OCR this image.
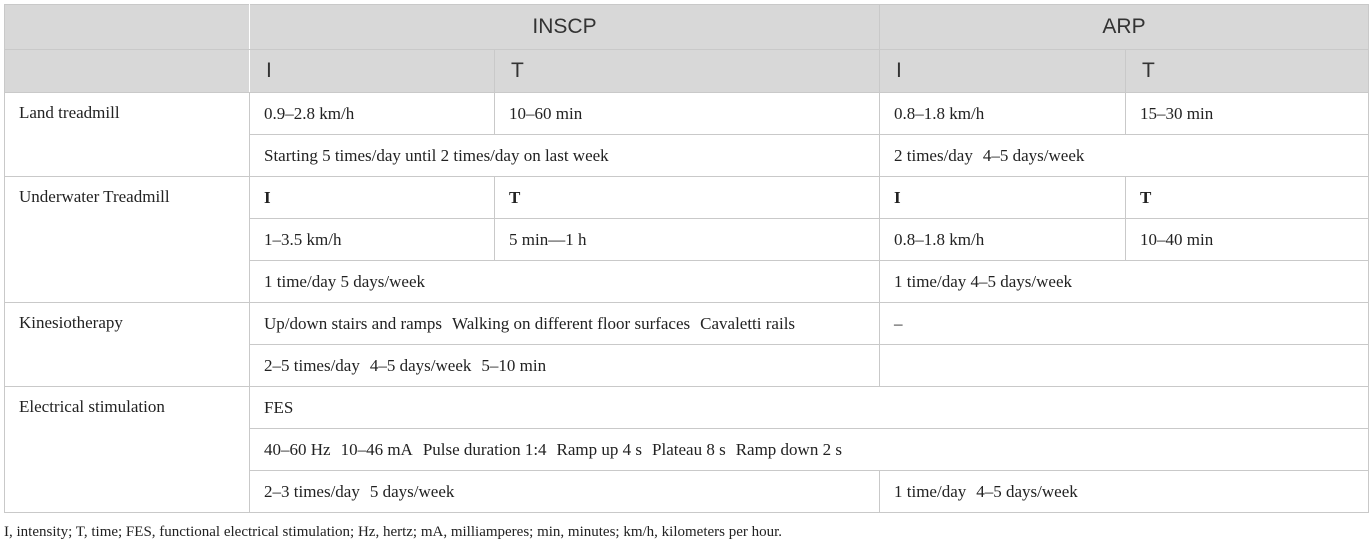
	INSCP		ARP	
	I	T	I	T
Land treadmill	0.9–2.8 km/h	10–60 min	0.8–1.8 km/h	15–30 min
	Starting 5 times/day until 2 times/day on last week		2 times/day 4–5 days/week	
Underwater Treadmill	I	T	I	T
	1–3.5 km/h	5 min—1 h	0.8–1.8 km/h	10–40 min
	1 time/day 5 days/week		1 time/day 4–5 days/week	
Kinesiotherapy	Up/down stairs and ramps Walking on different floor surfaces Cavaletti rails		–	
	2–5 times/day 4–5 days/week 5–10 min			
Electrical stimulation	FES			
	40–60 Hz 10–46 mA Pulse duration 1:4 Ramp up 4 s Plateau 8 s Ramp down 2 s			
	2–3 times/day 5 days/week		1 time/day 4–5 days/week	
I, intensity; T, time; FES, functional electrical stimulation; Hz, hertz; mA, milliamperes; min, minutes; km/h, kilometers per hour.
